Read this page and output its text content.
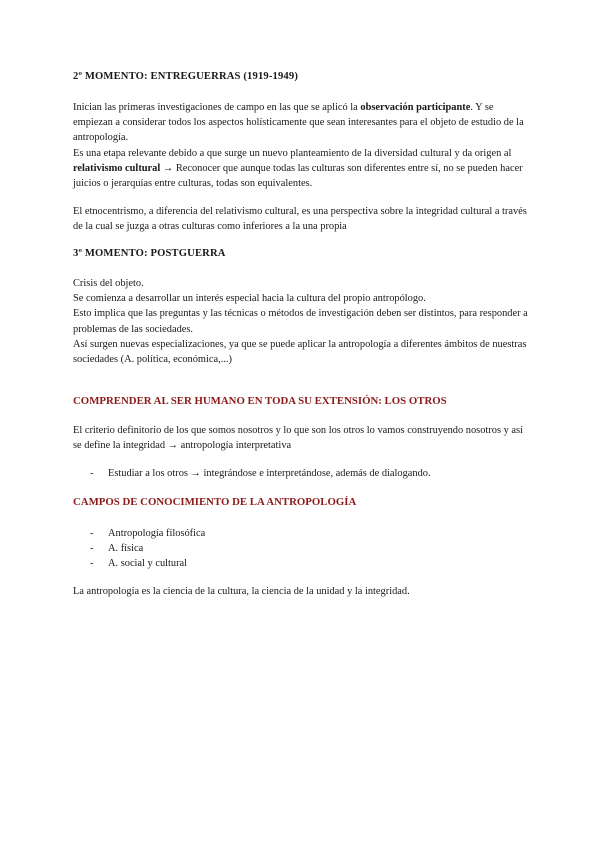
2º MOMENTO: ENTREGUERRAS (1919-1949)
Inician las primeras investigaciones de campo en las que se aplicó la observación participante. Y se empiezan a considerar todos los aspectos holísticamente que sean interesantes para el objeto de estudio de la antropología.
Es una etapa relevante debido a que surge un nuevo planteamiento de la diversidad cultural y da origen al relativismo cultural → Reconocer que aunque todas las culturas son diferentes entre sí, no se pueden hacer juicios o jerarquías entre culturas, todas son equivalentes.
El etnocentrismo, a diferencia del relativismo cultural, es una perspectiva sobre la integridad cultural a través de la cual se juzga a otras culturas como inferiores a la una propia
3º MOMENTO: POSTGUERRA
Crisis del objeto.
Se comienza a desarrollar un interés especial hacia la cultura del propio antropólogo.
Esto implica que las preguntas y las técnicas o métodos de investigación deben ser distintos, para responder a problemas de las sociedades.
Así surgen nuevas especializaciones, ya que se puede aplicar la antropología a diferentes ámbitos de nuestras sociedades (A. política, económica,...)
COMPRENDER AL SER HUMANO EN TODA SU EXTENSIÓN: LOS OTROS
El criterio definitorio de los que somos nosotros y lo que son los otros lo vamos construyendo nosotros y así se define la integridad → antropología interpretativa
- Estudiar a los otros → integrándose e interpretándose, además de dialogando.
CAMPOS DE CONOCIMIENTO DE LA ANTROPOLOGÍA
- Antropología filosófica
- A. física
- A. social y cultural
La antropología es la ciencia de la cultura, la ciencia de la unidad y la integridad.
